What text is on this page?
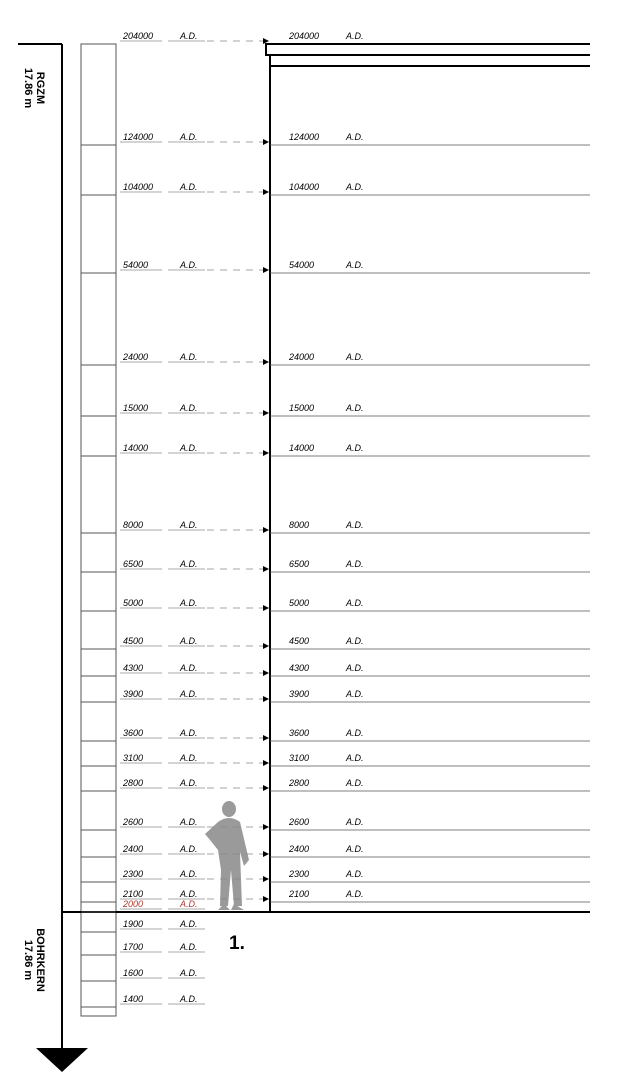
204000	A.D.	204000	A.D.
124000	A.D.	124000	A.D.
104000	A.D.	104000	A.D.
54000	A.D.	54000	A.D.
24000	A.D.	24000	A.D.
15000	A.D.	15000	A.D.
14000	A.D.	14000	A.D.
8000	A.D.	8000	A.D.
6500	A.D.	6500	A.D.
5000	A.D.	5000	A.D.
4500	A.D.	4500	A.D.
4300	A.D.	4300	A.D.
3900	A.D.	3900	A.D.
3600	A.D.	3600	A.D.
3100	A.D.	3100	A.D.
2800	A.D.	2800	A.D.
2600	A.D.	2600	A.D.
2400	A.D.	2400	A.D.
2300	A.D.	2300	A.D.
2100	A.D.	2100	A.D.
2000	A.D.
1900	A.D.
1700	A.D.
1600	A.D.
1400	A.D.
RGZM
17.86 m
BOHRKERN
17.86 m	1.
